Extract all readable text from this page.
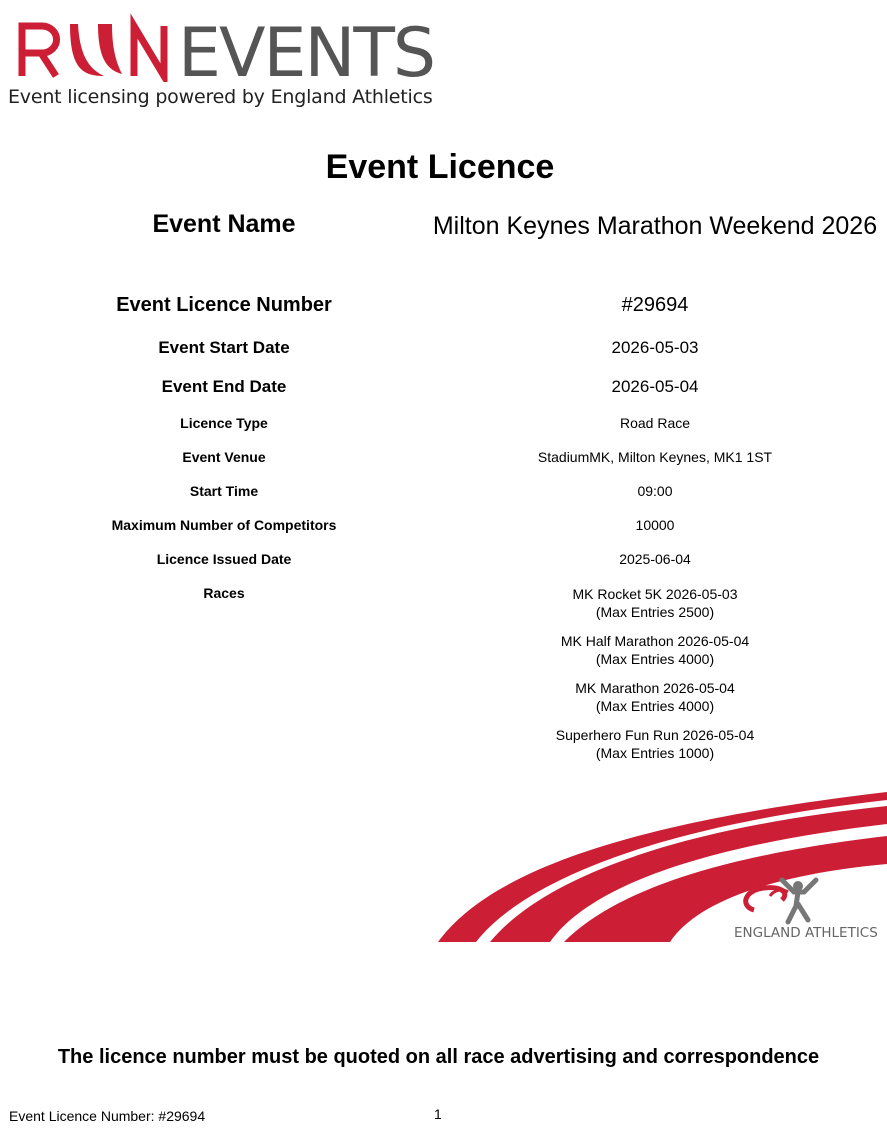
EVENTS
Event licensing powered by England Athletics
Event Licence
Event Name	Milton Keynes Marathon Weekend 2026
Event Licence Number	#29694
Event Start Date	2026-05-03
Event End Date	2026-05-04
Licence Type	Road Race
Event Venue	StadiumMK, Milton Keynes, MK1 1ST
Start Time	09:00
Maximum Number of Competitors	10000
Licence Issued Date	2025-06-04
Races	MK Rocket 5K 2026-05-03
(Max Entries 2500)
MK Half Marathon 2026-05-04
(Max Entries 4000)
MK Marathon 2026-05-04
(Max Entries 4000)
Superhero Fun Run 2026-05-04
(Max Entries 1000)
ENGLAND ATHLETICS
The licence number must be quoted on all race advertising and correspondence
Event Licence Number: #29694	1
